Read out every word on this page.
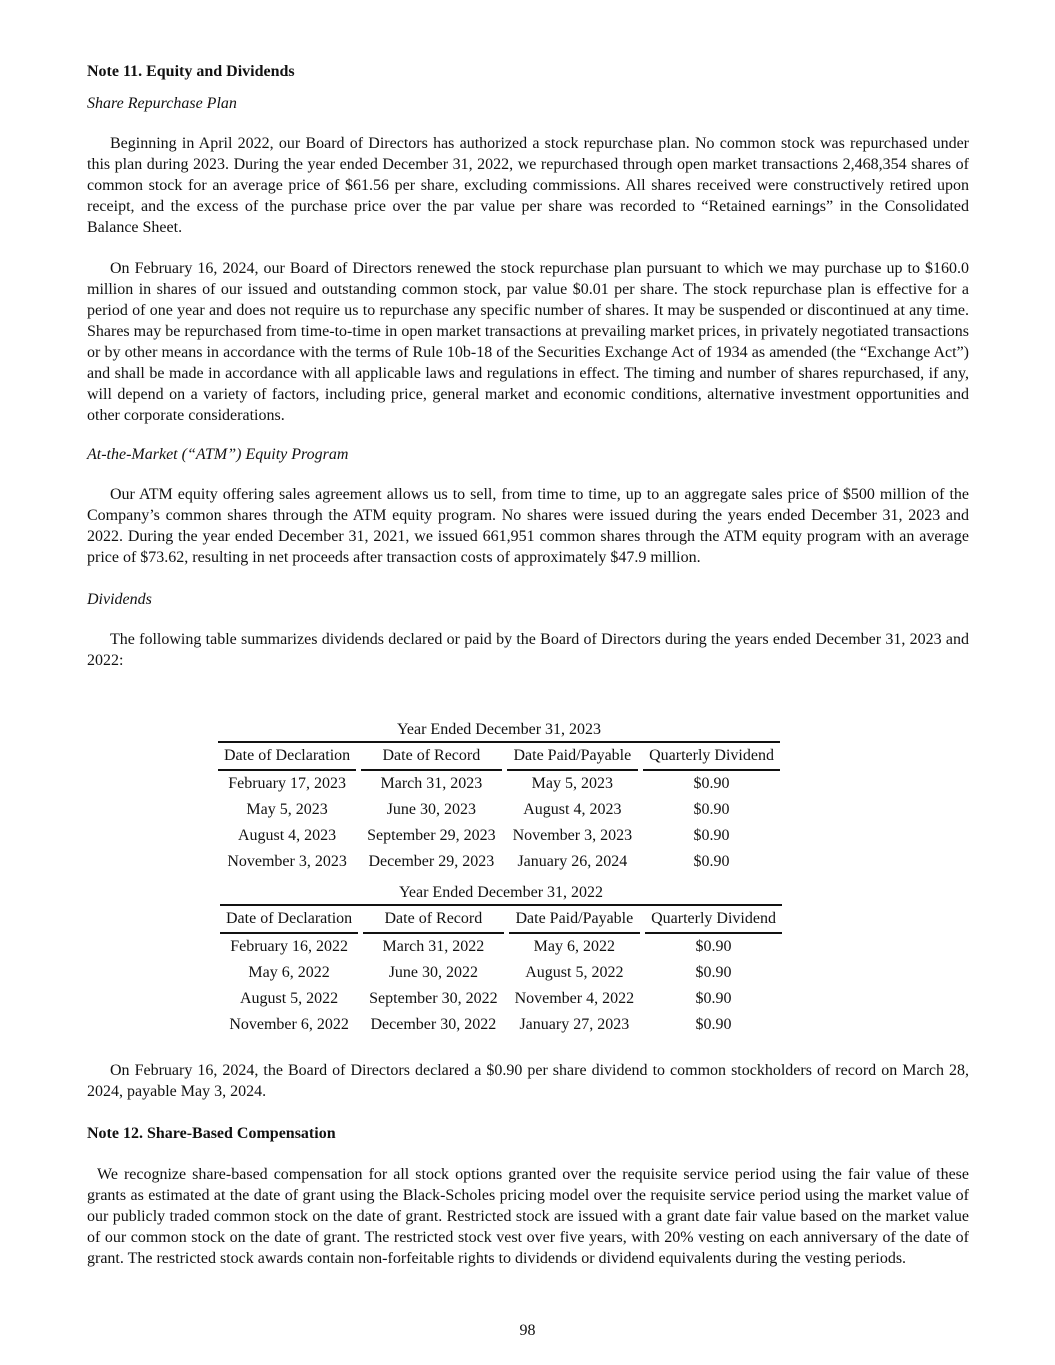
Note 11. Equity and Dividends

Share Repurchase Plan

Beginning in April 2022, our Board of Directors has authorized a stock repurchase plan. No common stock was repurchased under this plan during 2023. During the year ended December 31, 2022, we repurchased through open market transactions 2,468,354 shares of common stock for an average price of $61.56 per share, excluding commissions. All shares received were constructively retired upon receipt, and the excess of the purchase price over the par value per share was recorded to “Retained earnings” in the Consolidated Balance Sheet.

On February 16, 2024, our Board of Directors renewed the stock repurchase plan pursuant to which we may purchase up to $160.0 million in shares of our issued and outstanding common stock, par value $0.01 per share. The stock repurchase plan is effective for a period of one year and does not require us to repurchase any specific number of shares. It may be suspended or discontinued at any time. Shares may be repurchased from time-to-time in open market transactions at prevailing market prices, in privately negotiated transactions or by other means in accordance with the terms of Rule 10b-18 of the Securities Exchange Act of 1934 as amended (the “Exchange Act”) and shall be made in accordance with all applicable laws and regulations in effect. The timing and number of shares repurchased, if any, will depend on a variety of factors, including price, general market and economic conditions, alternative investment opportunities and other corporate considerations.

At-the-Market (“ATM”) Equity Program

Our ATM equity offering sales agreement allows us to sell, from time to time, up to an aggregate sales price of $500 million of the Company’s common shares through the ATM equity program. No shares were issued during the years ended December 31, 2023 and 2022. During the year ended December 31, 2021, we issued 661,951 common shares through the ATM equity program with an average price of $73.62, resulting in net proceeds after transaction costs of approximately $47.9 million.

Dividends

The following table summarizes dividends declared or paid by the Board of Directors during the years ended December 31, 2023 and 2022:

Year Ended December 31, 2023			
Date of Declaration	Date of Record	Date Paid/Payable	Quarterly Dividend
February 17, 2023	March 31, 2023	May 5, 2023	$0.90
May 5, 2023	June 30, 2023	August 4, 2023	$0.90
August 4, 2023	September 29, 2023	November 3, 2023	$0.90
November 3, 2023	December 29, 2023	January 26, 2024	$0.90
Year Ended December 31, 2022			
Date of Declaration	Date of Record	Date Paid/Payable	Quarterly Dividend
February 16, 2022	March 31, 2022	May 6, 2022	$0.90
May 6, 2022	June 30, 2022	August 5, 2022	$0.90
August 5, 2022	September 30, 2022	November 4, 2022	$0.90
November 6, 2022	December 30, 2022	January 27, 2023	$0.90

On February 16, 2024, the Board of Directors declared a $0.90 per share dividend to common stockholders of record on March 28, 2024, payable May 3, 2024.

Note 12. Share-Based Compensation

We recognize share-based compensation for all stock options granted over the requisite service period using the fair value of these grants as estimated at the date of grant using the Black-Scholes pricing model over the requisite service period using the market value of our publicly traded common stock on the date of grant. Restricted stock are issued with a grant date fair value based on the market value of our common stock on the date of grant. The restricted stock vest over five years, with 20% vesting on each anniversary of the date of grant. The restricted stock awards contain non-forfeitable rights to dividends or dividend equivalents during the vesting periods.

98
